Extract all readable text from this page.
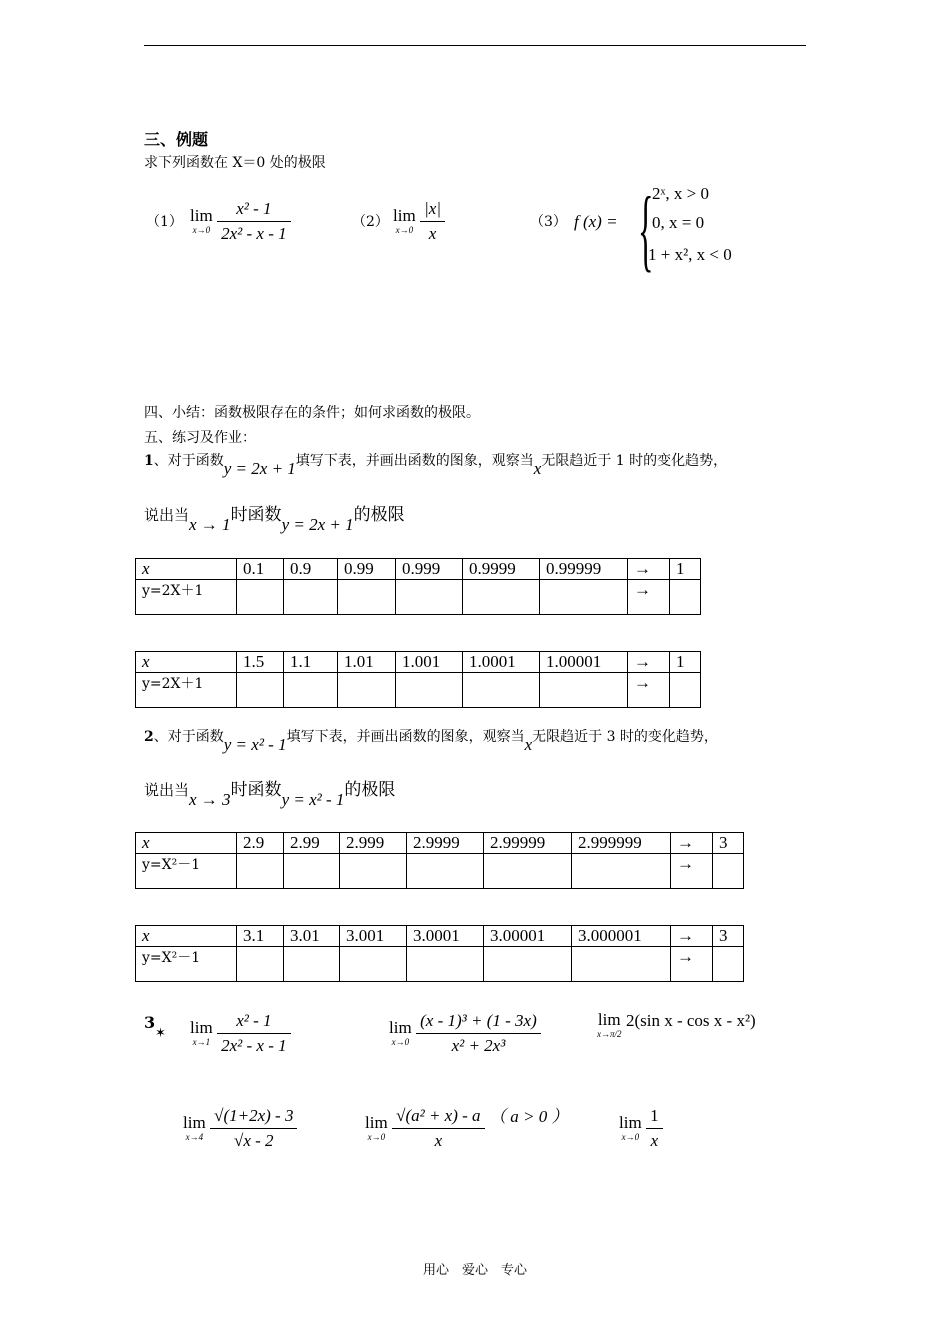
三、例题
求下列函数在 X＝0 处的极限
（1） lim
x→0
$\frac{\text{x² - 1}}{\text{2x² - x - 1}}$	（2） lim
x→0
$\frac{|x|}{x}$	（3） f (x) = {
2ˣ, x > 0
0, x = 0
1 + x², x < 0
四、小结：函数极限存在的条件；如何求函数的极限。
五、练习及作业：
1、对于函数y = 2x + 1填写下表，并画出函数的图象，观察当x无限趋近于 1 时的变化趋势，
说出当x → 1时函数y = 2x + 1的极限
x	0.1	0.9	0.99	0.999	0.9999	0.99999	→	1
y=2X＋1							→	
x	1.5	1.1	1.01	1.001	1.0001	1.00001	→	1
y=2X＋1							→	
2、对于函数y = x² - 1填写下表，并画出函数的图象，观察当x无限趋近于 3 时的变化趋势，
说出当x → 3时函数y = x² - 1的极限
x	2.9	2.99	2.999	2.9999	2.99999	2.999999	→	3
y=X²－1							→	
x	3.1	3.01	3.001	3.0001	3.00001	3.000001	→	3
y=X²－1							→	
3
✶ lim
x→1
$\frac{\text{x² - 1}}{\text{2x² - x - 1}}$	lim
x→0
$\frac{\text{(x - 1)³ + (1 - 3x)}}{\text{x² + 2x³}}$	lim
x→π/2
2(sin x - cos x - x²)
lim
x→4
$\frac{√(1+2x) - 3}{√x - 2}$	lim
x→0
$\frac{\text{√(a² + x) - a}}{x}$ （ a > 0 ）	lim
x→0
$\frac{1}{x}$
用心　爱心　专心
